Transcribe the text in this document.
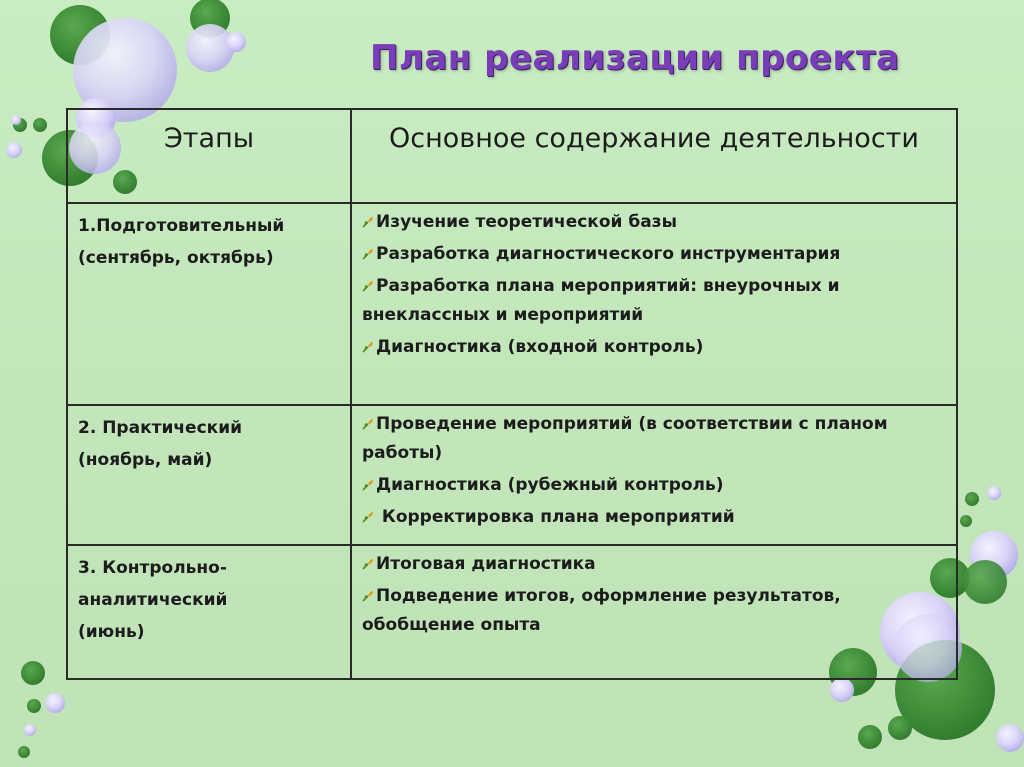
План реализации проекта
Этапы	Основное содержание деятельности

1.Подготовительный
(сентябрь, октябрь)	Изучение теоретической базы
Разработка диагностического инструментария
Разработка плана мероприятий: внеурочных и внеклассных и мероприятий
Диагностика (входной контроль)

2. Практический
(ноябрь, май)	Проведение мероприятий (в соответствии с планом работы)
Диагностика (рубежный контроль)
Корректировка плана мероприятий

3. Контрольно-
аналитический
(июнь)	Итоговая диагностика
Подведение итогов, оформление результатов, обобщение опыта
